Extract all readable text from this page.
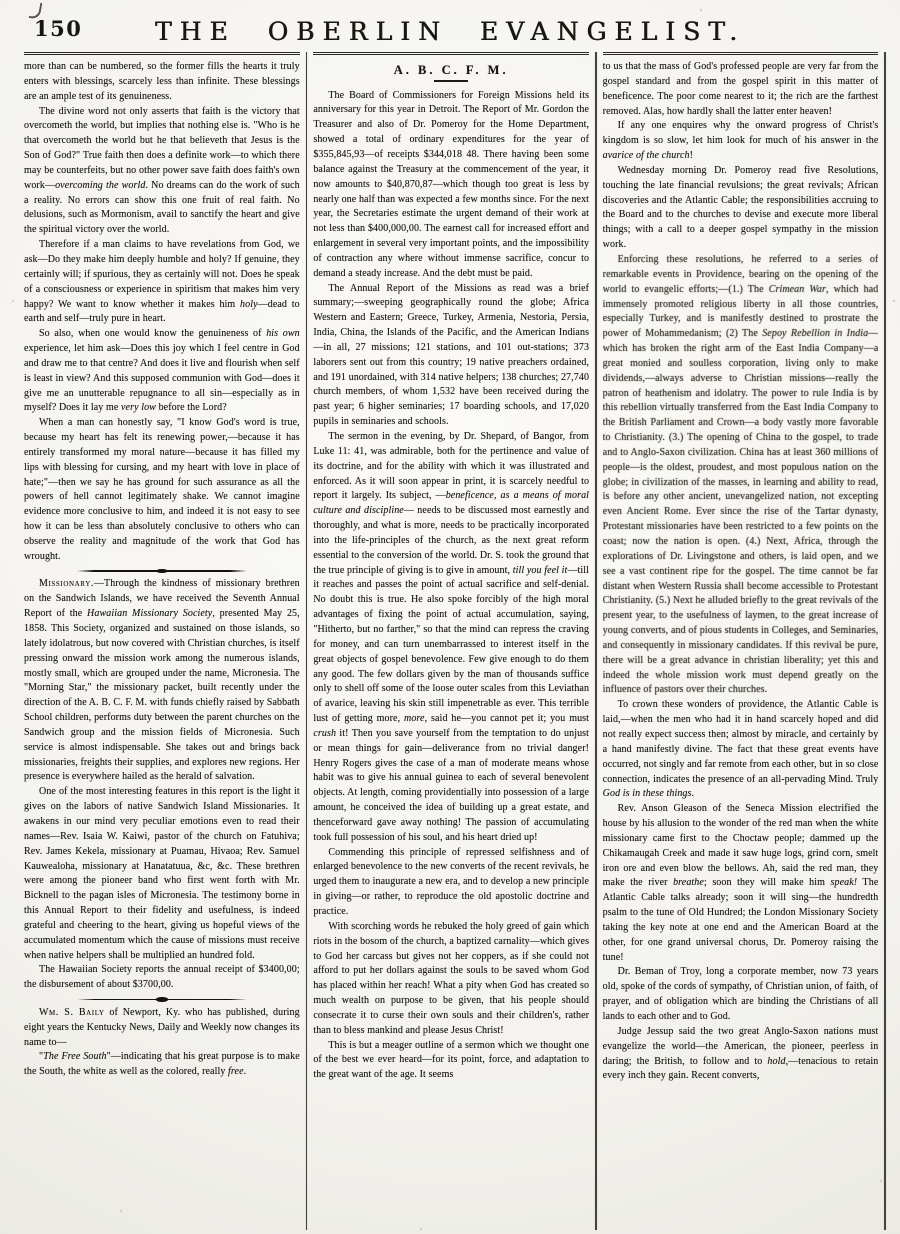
150	THE OBERLIN EVANGELIST.

more than can be numbered, so the former fills the hearts it truly enters with blessings, scarcely less than infinite. These blessings are an ample test of its genuineness.

The divine word not only asserts that faith is the victory that overcometh the world, but implies that nothing else is. "Who is he that overcometh the world but he that believeth that Jesus is the Son of God?" True faith then does a definite work—to which there may be counterfeits, but no other power save faith does faith's own work—overcoming the world. No dreams can do the work of such a reality. No errors can show this one fruit of real faith. No delusions, such as Mormonism, avail to sanctify the heart and give the spiritual victory over the world.

Therefore if a man claims to have revelations from God, we ask—Do they make him deeply humble and holy? If genuine, they certainly will; if spurious, they as certainly will not. Does he speak of a consciousness or experience in spiritism that makes him very happy? We want to know whether it makes him holy—dead to earth and self—truly pure in heart.

So also, when one would know the genuineness of his own experience, let him ask—Does this joy which I feel centre in God and draw me to that centre? And does it live and flourish when self is least in view? And this supposed communion with God—does it give me an unutterable repugnance to all sin—especially as in myself? Does it lay me very low before the Lord?

When a man can honestly say, "I know God's word is true, because my heart has felt its renewing power,—because it has entirely transformed my moral nature—because it has filled my lips with blessing for cursing, and my heart with love in place of hate;"—then we say he has ground for such assurance as all the powers of hell cannot legitimately shake. We cannot imagine evidence more conclusive to him, and indeed it is not easy to see how it can be less than absolutely conclusive to others who can observe the reality and magnitude of the work that God has wrought.

Missionary.—Through the kindness of missionary brethren on the Sandwich Islands, we have received the Seventh Annual Report of the Hawaiian Missionary Society, presented May 25, 1858. This Society, organized and sustained on those islands, so lately idolatrous, but now covered with Christian churches, is itself pressing onward the mission work among the numerous islands, mostly small, which are grouped under the name, Micronesia. The "Morning Star," the missionary packet, built recently under the direction of the A. B. C. F. M. with funds chiefly raised by Sabbath School children, performs duty between the parent churches on the Sandwich group and the mission fields of Micronesia. Such service is almost indispensable. She takes out and brings back missionaries, freights their supplies, and explores new regions. Her presence is everywhere hailed as the herald of salvation.

One of the most interesting features in this report is the light it gives on the labors of native Sandwich Island Missionaries. It awakens in our mind very peculiar emotions even to read their names—Rev. Isaia W. Kaiwi, pastor of the church on Fatuhiva; Rev. James Kekela, missionary at Puamau, Hivaoa; Rev. Samuel Kauwealoha, missionary at Hanatatuua, &c, &c. These brethren were among the pioneer band who first went forth with Mr. Bicknell to the pagan isles of Micronesia. The testimony borne in this Annual Report to their fidelity and usefulness, is indeed grateful and cheering to the heart, giving us hopeful views of the accumulated momentum which the cause of missions must receive when native helpers shall be multiplied an hundred fold.

The Hawaiian Society reports the annual receipt of $3400,00; the disbursement of about $3700,00.

Wm. S. Baily of Newport, Ky. who has published, during eight years the Kentucky News, Daily and Weekly now changes its name to—

"The Free South"—indicating that his great purpose is to make the South, the white as well as the colored, really free.

A. B. C. F. M.

The Board of Commissioners for Foreign Missions held its anniversary for this year in Detroit. The Report of Mr. Gordon the Treasurer and also of Dr. Pomeroy for the Home Department, showed a total of ordinary expenditures for the year of $355,845,93—of receipts $344,018 48. There having been some balance against the Treasury at the commencement of the year, it now amounts to $40,870,87—which though too great is less by nearly one half than was expected a few months since. For the next year, the Secretaries estimate the urgent demand of their work at not less than $400,000,00. The earnest call for increased effort and enlargement in several very important points, and the impossibility of contraction any where without immense sacrifice, concur to demand a steady increase. And the debt must be paid.

The Annual Report of the Missions as read was a brief summary;—sweeping geographically round the globe; Africa Western and Eastern; Greece, Turkey, Armenia, Nestoria, Persia, India, China, the Islands of the Pacific, and the American Indians—in all, 27 missions; 121 stations, and 101 out-stations; 373 laborers sent out from this country; 19 native preachers ordained, and 191 unordained, with 314 native helpers; 138 churches; 27,740 church members, of whom 1,532 have been received during the past year; 6 higher seminaries; 17 boarding schools, and 17,020 pupils in seminaries and schools.

The sermon in the evening, by Dr. Shepard, of Bangor, from Luke 11: 41, was admirable, both for the pertinence and value of its doctrine, and for the ability with which it was illustrated and enforced. As it will soon appear in print, it is scarcely needful to report it largely. Its subject, —beneficence, as a means of moral culture and discipline— needs to be discussed most earnestly and thoroughly, and what is more, needs to be practically incorporated into the life-principles of the church, as the next great reform essential to the conversion of the world. Dr. S. took the ground that the true principle of giving is to give in amount, till you feel it—till it reaches and passes the point of actual sacrifice and self-denial. No doubt this is true. He also spoke forcibly of the high moral advantages of fixing the point of actual accumulation, saying, "Hitherto, but no farther," so that the mind can repress the craving for money, and can turn unembarrassed to interest itself in the great objects of gospel benevolence. Few give enough to do them any good. The few dollars given by the man of thousands suffice only to shell off some of the loose outer scales from this Leviathan of avarice, leaving his skin still impenetrable as ever. This terrible lust of getting more, more, said he—you cannot pet it; you must crush it! Then you save yourself from the temptation to do unjust or mean things for gain—deliverance from no trivial danger! Henry Rogers gives the case of a man of moderate means whose habit was to give his annual guinea to each of several benevolent objects. At length, coming providentially into possession of a large amount, he conceived the idea of building up a great estate, and thenceforward gave away nothing! The passion of accumulating took full possession of his soul, and his heart dried up!

Commending this principle of repressed selfishness and of enlarged benevolence to the new converts of the recent revivals, he urged them to inaugurate a new era, and to develop a new principle in giving—or rather, to reproduce the old apostolic doctrine and practice.

With scorching words he rebuked the holy greed of gain which riots in the bosom of the church, a baptized carnality—which gives to God her carcass but gives not her coppers, as if she could not afford to put her dollars against the souls to be saved whom God has placed within her reach! What a pity when God has created so much wealth on purpose to be given, that his people should consecrate it to curse their own souls and their children's, rather than to bless mankind and please Jesus Christ!

This is but a meager outline of a sermon which we thought one of the best we ever heard—for its point, force, and adaptation to the great want of the age. It seems

to us that the mass of God's professed people are very far from the gospel standard and from the gospel spirit in this matter of beneficence. The poor come nearest to it; the rich are the farthest removed. Alas, how hardly shall the latter enter heaven!

If any one enquires why the onward progress of Christ's kingdom is so slow, let him look for much of his answer in the avarice of the church!

Wednesday morning Dr. Pomeroy read five Resolutions, touching the late financial revulsions; the great revivals; African discoveries and the Atlantic Cable; the responsibilities accruing to the Board and to the churches to devise and execute more liberal things; with a call to a deeper gospel sympathy in the mission work.

Enforcing these resolutions, he referred to a series of remarkable events in Providence, bearing on the opening of the world to evangelic efforts;—(1.) The Crimean War, which had immensely promoted religious liberty in all those countries, especially Turkey, and is manifestly destined to prostrate the power of Mohammedanism; (2) The Sepoy Rebellion in India—which has broken the right arm of the East India Company—a great monied and soulless corporation, living only to make dividends,—always adverse to Christian missions—really the patron of heathenism and idolatry. The power to rule India is by this rebellion virtually transferred from the East India Company to the British Parliament and Crown—a body vastly more favorable to Christianity. (3.) The opening of China to the gospel, to trade and to Anglo-Saxon civilization. China has at least 360 millions of people—is the oldest, proudest, and most populous nation on the globe; in civilization of the masses, in learning and ability to read, is before any other ancient, unevangelized nation, not excepting even Ancient Rome. Ever since the rise of the Tartar dynasty, Protestant missionaries have been restricted to a few points on the coast; now the nation is open. (4.) Next, Africa, through the explorations of Dr. Livingstone and others, is laid open, and we see a vast continent ripe for the gospel. The time cannot be far distant when Western Russia shall become accessible to Protestant Christianity. (5.) Next he alluded briefly to the great revivals of the present year, to the usefulness of laymen, to the great increase of young converts, and of pious students in Colleges, and Seminaries, and consequently in missionary candidates. If this revival be pure, there will be a great advance in christian liberality; yet this and indeed the whole mission work must depend greatly on the influence of pastors over their churches.

To crown these wonders of providence, the Atlantic Cable is laid,—when the men who had it in hand scarcely hoped and did not really expect success then; almost by miracle, and certainly by a hand manifestly divine. The fact that these great events have occurred, not singly and far remote from each other, but in so close connection, indicates the presence of an all-pervading Mind. Truly God is in these things.

Rev. Anson Gleason of the Seneca Mission electrified the house by his allusion to the wonder of the red man when the white missionary came first to the Choctaw people; dammed up the Chikamaugah Creek and made it saw huge logs, grind corn, smelt iron ore and even blow the bellows. Ah, said the red man, they make the river breathe; soon they will make him speak! The Atlantic Cable talks already; soon it will sing—the hundredth psalm to the tune of Old Hundred; the London Missionary Society taking the key note at one end and the American Board at the other, for one grand universal chorus, Dr. Pomeroy raising the tune!

Dr. Beman of Troy, long a corporate member, now 73 years old, spoke of the cords of sympathy, of Christian union, of faith, of prayer, and of obligation which are binding the Christians of all lands to each other and to God.

Judge Jessup said the two great Anglo-Saxon nations must evangelize the world—the American, the pioneer, peerless in daring; the British, to follow and to hold,—tenacious to retain every inch they gain. Recent converts,
